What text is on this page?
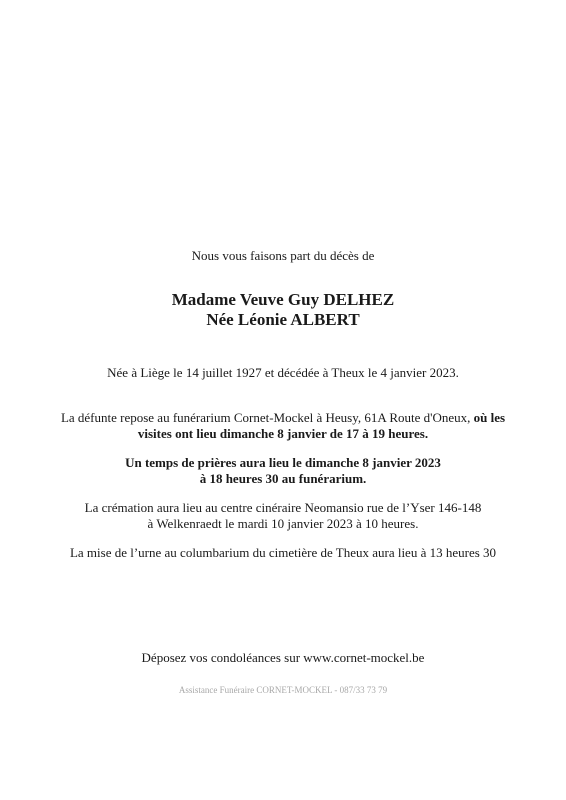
Nous vous faisons part du décès de
Madame Veuve Guy DELHEZ
Née Léonie ALBERT
Née à Liège le 14 juillet 1927 et décédée à Theux le 4 janvier 2023.
La défunte repose au funérarium Cornet-Mockel à Heusy, 61A Route d'Oneux, où les
visites ont lieu dimanche 8 janvier de 17 à 19 heures.
Un temps de prières aura lieu le dimanche 8 janvier 2023
à 18 heures 30 au funérarium.
La crémation aura lieu au centre cinéraire Neomansio rue de l’Yser 146-148
à Welkenraedt le mardi 10 janvier 2023 à 10 heures.
La mise de l’urne au columbarium du cimetière de Theux aura lieu à 13 heures 30
Déposez vos condoléances sur www.cornet-mockel.be
Assistance Funéraire CORNET-MOCKEL - 087/33 73 79
